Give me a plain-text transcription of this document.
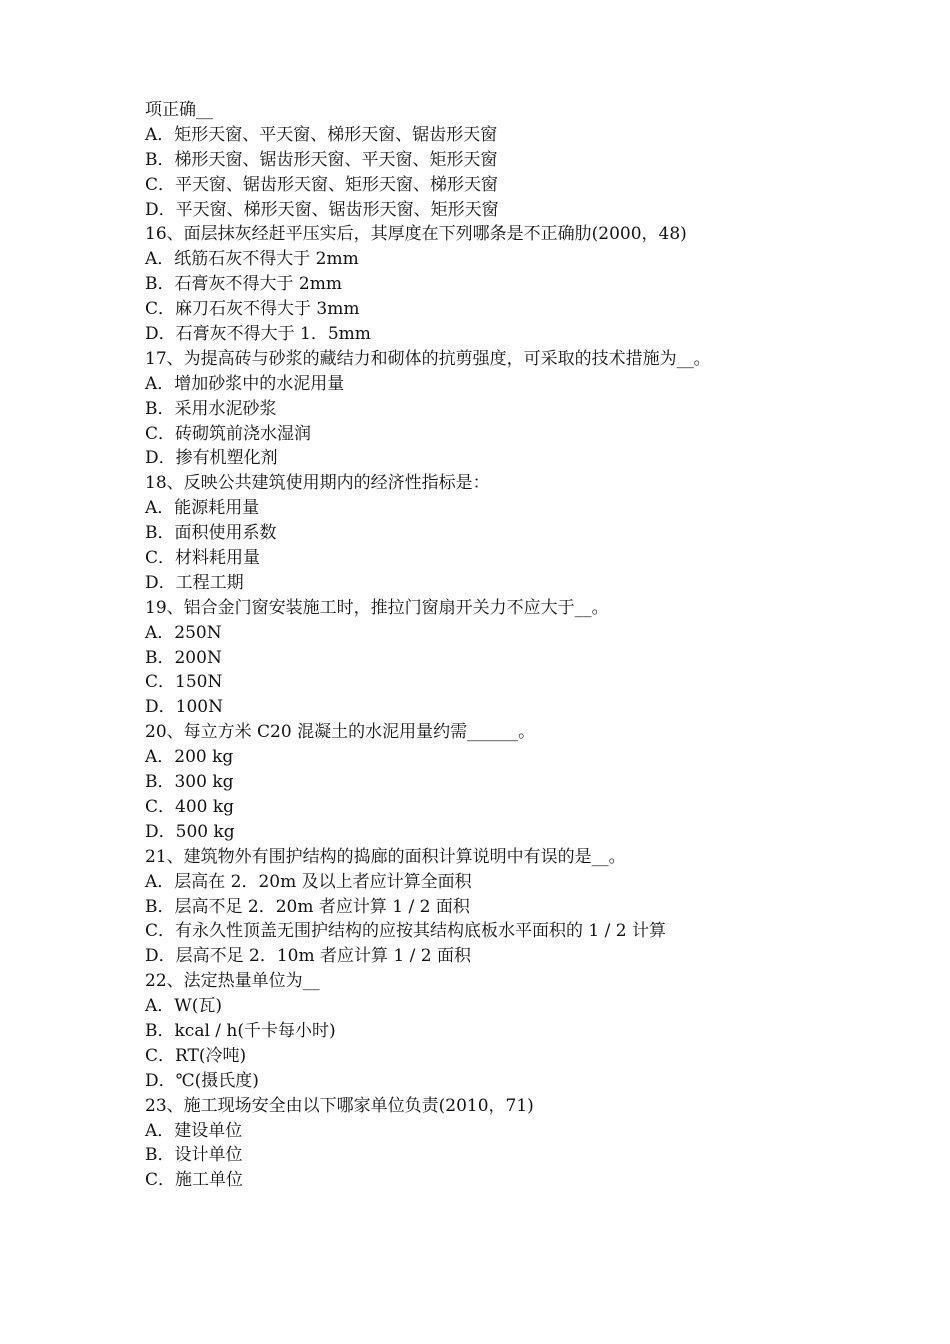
项正确__
A．矩形天窗、平天窗、梯形天窗、锯齿形天窗
B．梯形天窗、锯齿形天窗、平天窗、矩形天窗
C．平天窗、锯齿形天窗、矩形天窗、梯形天窗
D．平天窗、梯形天窗、锯齿形天窗、矩形天窗
16、面层抹灰经赶平压实后，其厚度在下列哪条是不正确肋(2000，48)
A．纸筋石灰不得大于 2mm
B．石膏灰不得大于 2mm
C．麻刀石灰不得大于 3mm
D．石膏灰不得大于 1．5mm
17、为提高砖与砂浆的藏结力和砌体的抗剪强度，可采取的技术措施为__。
A．增加砂浆中的水泥用量
B．采用水泥砂浆
C．砖砌筑前浇水湿润
D．掺有机塑化剂
18、反映公共建筑使用期内的经济性指标是：
A．能源耗用量
B．面积使用系数
C．材料耗用量
D．工程工期
19、铝合金门窗安装施工时，推拉门窗扇开关力不应大于__。
A．250N
B．200N
C．150N
D．100N
20、每立方米 C20 混凝土的水泥用量约需______。
A．200 kg
B．300 kg
C．400 kg
D．500 kg
21、建筑物外有围护结构的捣廊的面积计算说明中有误的是__。
A．层高在 2．20m 及以上者应计算全面积
B．层高不足 2．20m 者应计算 1 / 2 面积
C．有永久性顶盖无围护结构的应按其结构底板水平面积的 1 / 2 计算
D．层高不足 2．10m 者应计算 1 / 2 面积
22、法定热量单位为__
A．W(瓦)
B．kcal / h(千卡每小时)
C．RT(冷吨)
D．℃(摄氏度)
23、施工现场安全由以下哪家单位负责(2010，71)
A．建设单位
B．设计单位
C．施工单位
